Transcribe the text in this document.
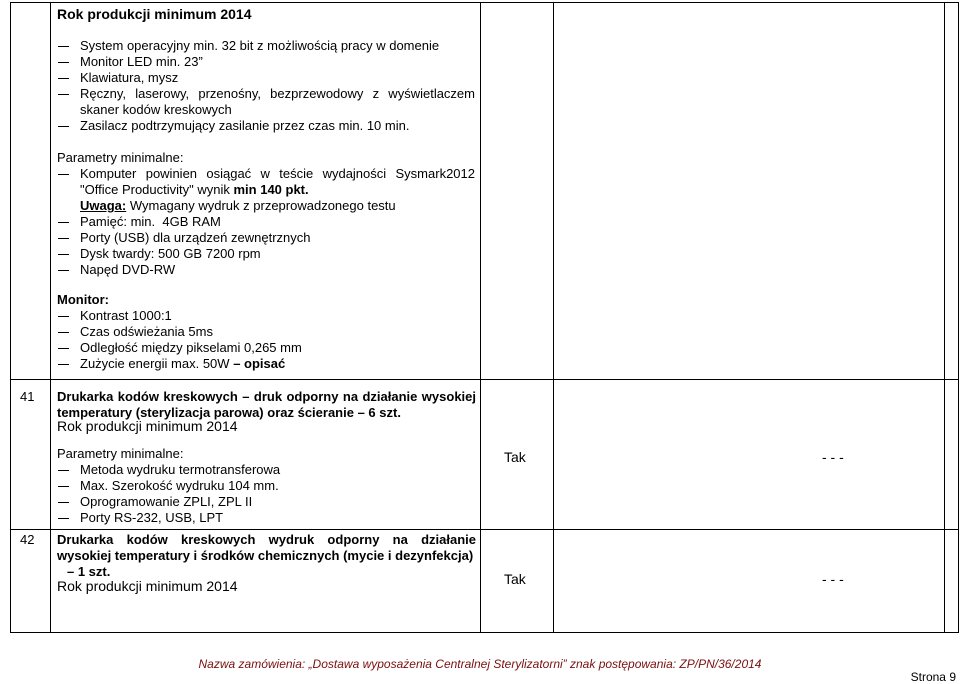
Rok produkcji minimum 2014
System operacyjny min. 32 bit z możliwością pracy w domenie
Monitor LED min. 23”
Klawiatura, mysz
Ręczny, laserowy, przenośny, bezprzewodowy z wyświetlaczem
skaner kodów kreskowych
Zasilacz podtrzymujący zasilanie przez czas min. 10 min.
Parametry minimalne:
Komputer powinien osiągać w teście wydajności Sysmark2012
"Office Productivity" wynik min 140 pkt.
Uwaga: Wymagany wydruk z przeprowadzonego testu
Pamięć: min.  4GB RAM
Porty (USB) dla urządzeń zewnętrznych
Dysk twardy: 500 GB 7200 rpm
Napęd DVD-RW
Monitor:
Kontrast 1000:1
Czas odświeżania 5ms
Odległość między pikselami 0,265 mm
Zużycie energii max. 50W – opisać
41 Drukarka kodów kreskowych – druk odporny na działanie wysokiej
temperatury (sterylizacja parowa) oraz ścieranie – 6 szt.
Rok produkcji minimum 2014
Parametry minimalne:
Metoda wydruku termotransferowa
Max. Szerokość wydruku 104 mm.
Oprogramowanie ZPLI, ZPL II
Porty RS-232, USB, LPT
Tak	- - -
42 Drukarka kodów kreskowych wydruk odporny na działanie
wysokiej temperatury i środków chemicznych (mycie i dezynfekcja)
– 1 szt.
Rok produkcji minimum 2014	Tak	- - -
Nazwa zamówienia: „Dostawa wyposażenia Centralnej Sterylizatorni” znak postępowania: ZP/PN/36/2014
Strona 9
